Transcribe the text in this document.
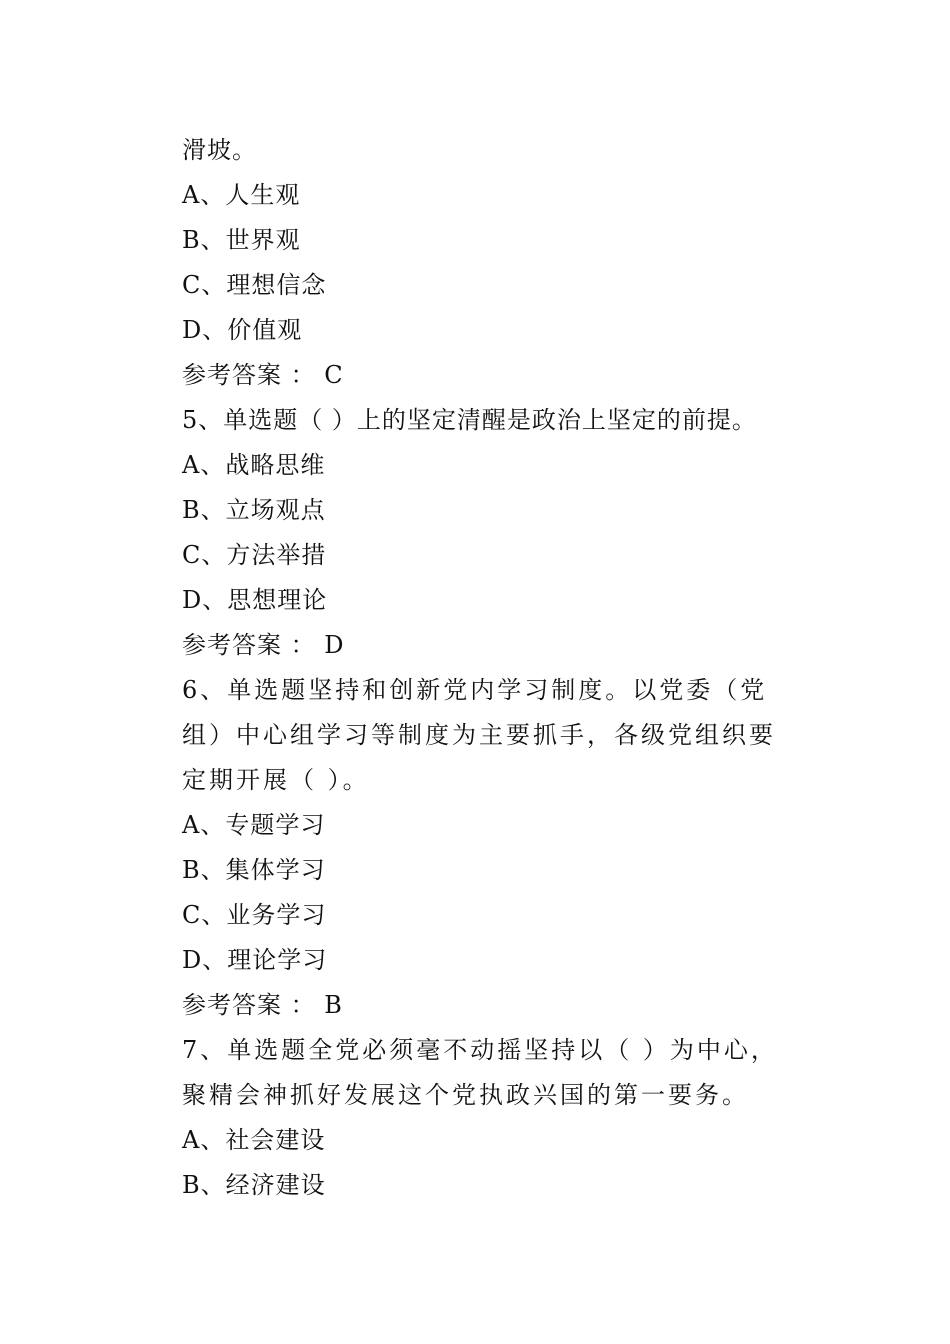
滑坡。
A、人生观
B、世界观
C、理想信念
D、价值观
参考答案 ： C
5、单选题（ ）上的坚定清醒是政治上坚定的前提。
A、战略思维
B、立场观点
C、方法举措
D、思想理论
参考答案 ： D
6、单选题坚持和创新党内学习制度。以党委（党组）中心组学习等制度为主要抓手，各级党组织要定期开展（ ）。
A、专题学习
B、集体学习
C、业务学习
D、理论学习
参考答案 ： B
7、单选题全党必须毫不动摇坚持以（ ）为中心，聚精会神抓好发展这个党执政兴国的第一要务。
A、社会建设
B、经济建设
